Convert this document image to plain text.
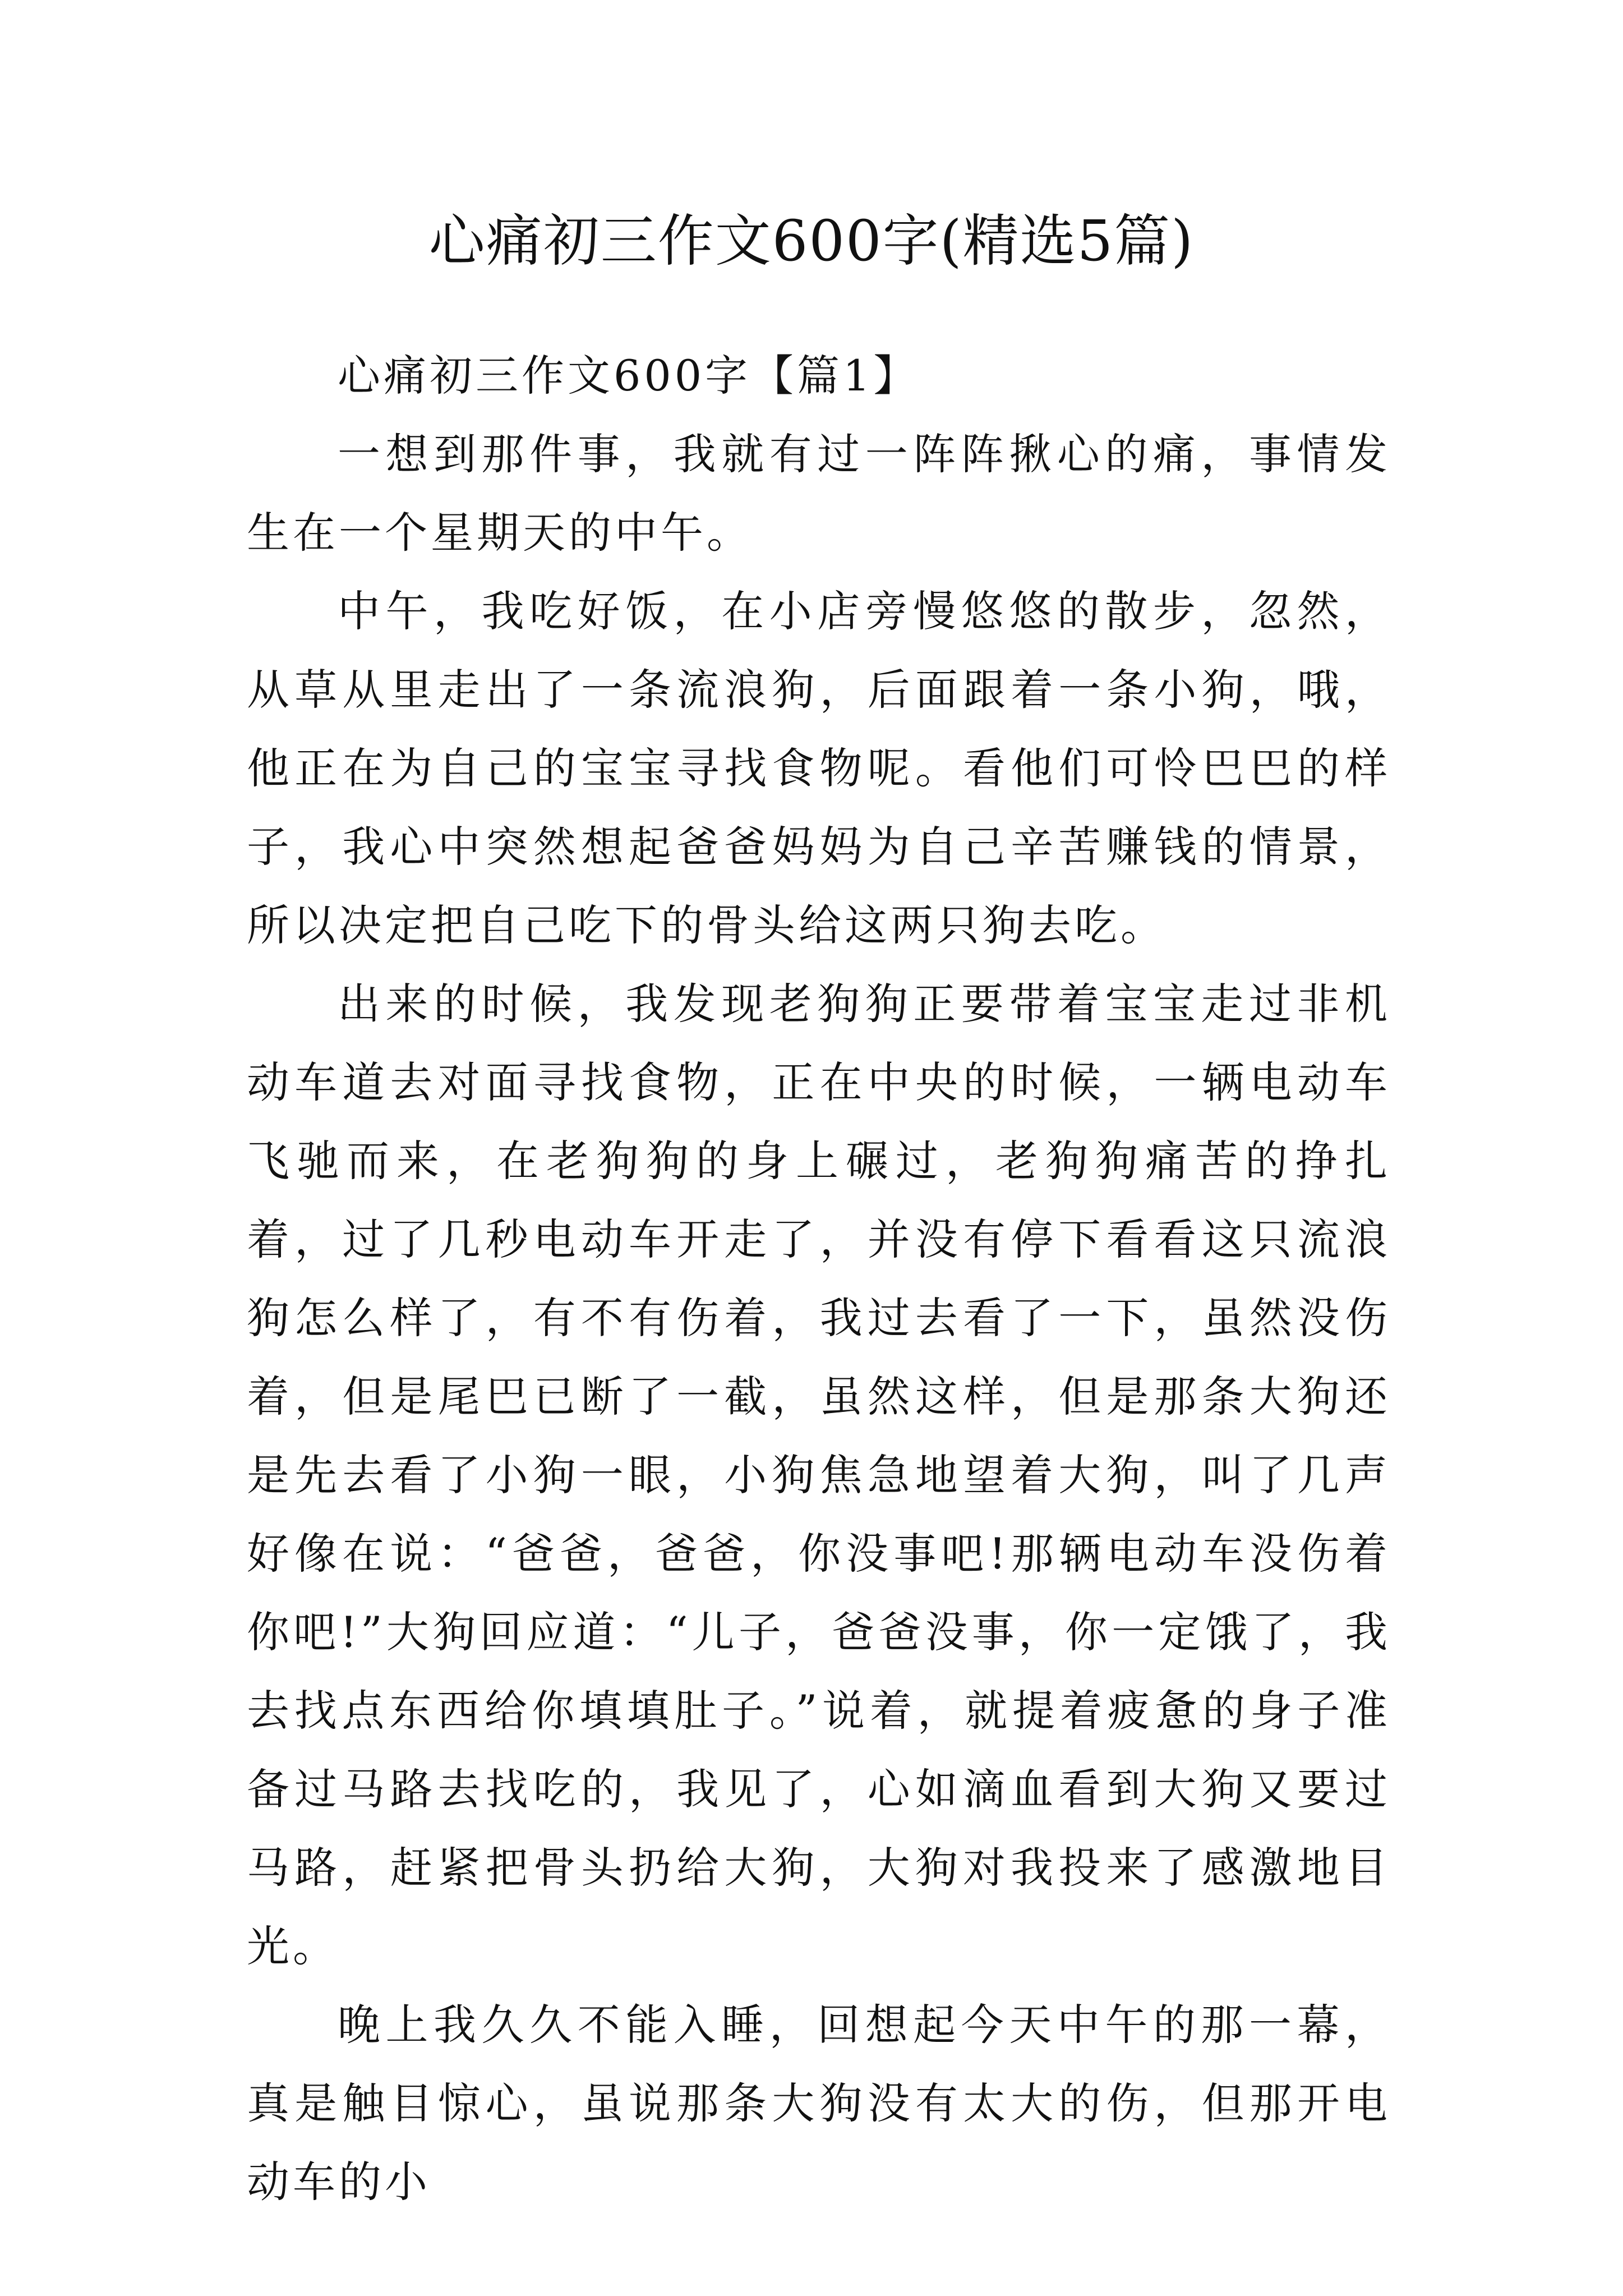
心痛初三作文600字(精选5篇)

心痛初三作文600字【篇1】

一想到那件事，我就有过一阵阵揪心的痛，事情发生在一个星期天的中午。

中午，我吃好饭，在小店旁慢悠悠的散步，忽然，从草从里走出了一条流浪狗，后面跟着一条小狗，哦，他正在为自己的宝宝寻找食物呢。看他们可怜巴巴的样子，我心中突然想起爸爸妈妈为自己辛苦赚钱的情景，所以决定把自己吃下的骨头给这两只狗去吃。

出来的时候，我发现老狗狗正要带着宝宝走过非机动车道去对面寻找食物，正在中央的时候，一辆电动车飞驰而来，在老狗狗的身上碾过，老狗狗痛苦的挣扎着，过了几秒电动车开走了，并没有停下看看这只流浪狗怎么样了，有不有伤着，我过去看了一下，虽然没伤着，但是尾巴已断了一截，虽然这样，但是那条大狗还是先去看了小狗一眼，小狗焦急地望着大狗，叫了几声好像在说：“爸爸，爸爸，你没事吧!那辆电动车没伤着你吧!”大狗回应道：“儿子，爸爸没事，你一定饿了，我去找点东西给你填填肚子。”说着，就提着疲惫的身子准备过马路去找吃的，我见了，心如滴血看到大狗又要过马路，赶紧把骨头扔给大狗，大狗对我投来了感激地目光。

晚上我久久不能入睡，回想起今天中午的那一幕，真是触目惊心，虽说那条大狗没有太大的伤，但那开电动车的小
